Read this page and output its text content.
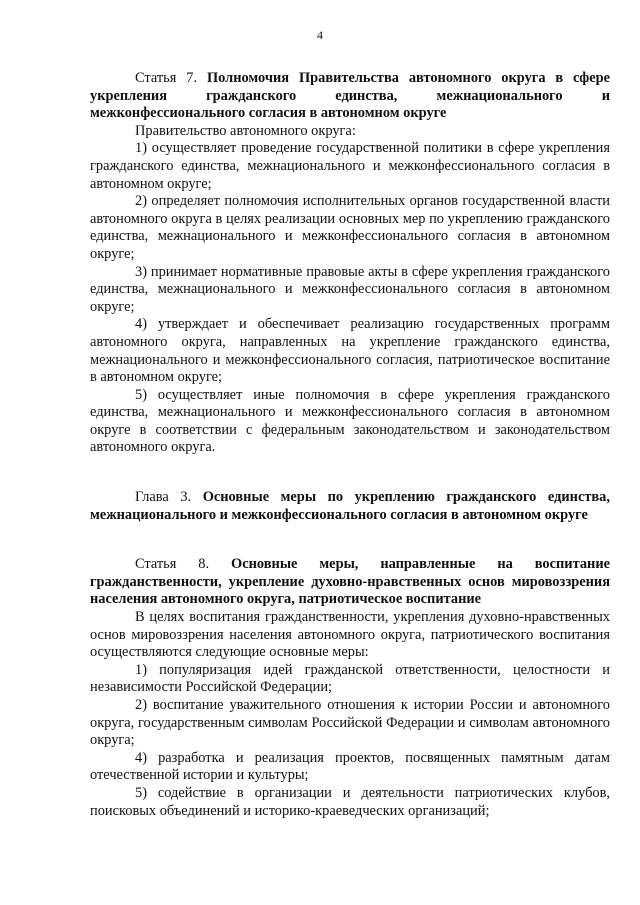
4

Статья 7. Полномочия Правительства автономного округа в сфере укрепления гражданского единства, межнационального и межконфессионального согласия в автономном округе

Правительство автономного округа:

1) осуществляет проведение государственной политики в сфере укрепления гражданского единства, межнационального и межконфессионального согласия в автономном округе;

2) определяет полномочия исполнительных органов государственной власти автономного округа в целях реализации основных мер по укреплению гражданского единства, межнационального и межконфессионального согласия в автономном округе;

3) принимает нормативные правовые акты в сфере укрепления гражданского единства, межнационального и межконфессионального согласия в автономном округе;

4) утверждает и обеспечивает реализацию государственных программ автономного округа, направленных на укрепление гражданского единства, межнационального и межконфессионального согласия, патриотическое воспитание в автономном округе;

5) осуществляет иные полномочия в сфере укрепления гражданского единства, межнационального и межконфессионального согласия в автономном округе в соответствии с федеральным законодательством и законодательством автономного округа.

Глава 3. Основные меры по укреплению гражданского единства, межнационального и межконфессионального согласия в автономном округе

Статья 8. Основные меры, направленные на воспитание гражданственности, укрепление духовно-нравственных основ мировоззрения населения автономного округа, патриотическое воспитание

В целях воспитания гражданственности, укрепления духовно-нравственных основ мировоззрения населения автономного округа, патриотического воспитания осуществляются следующие основные меры:

1) популяризация идей гражданской ответственности, целостности и независимости Российской Федерации;

2) воспитание уважительного отношения к истории России и автономного округа, государственным символам Российской Федерации и символам автономного округа;

4) разработка и реализация проектов, посвященных памятным датам отечественной истории и культуры;

5) содействие в организации и деятельности патриотических клубов, поисковых объединений и историко-краеведческих организаций;
